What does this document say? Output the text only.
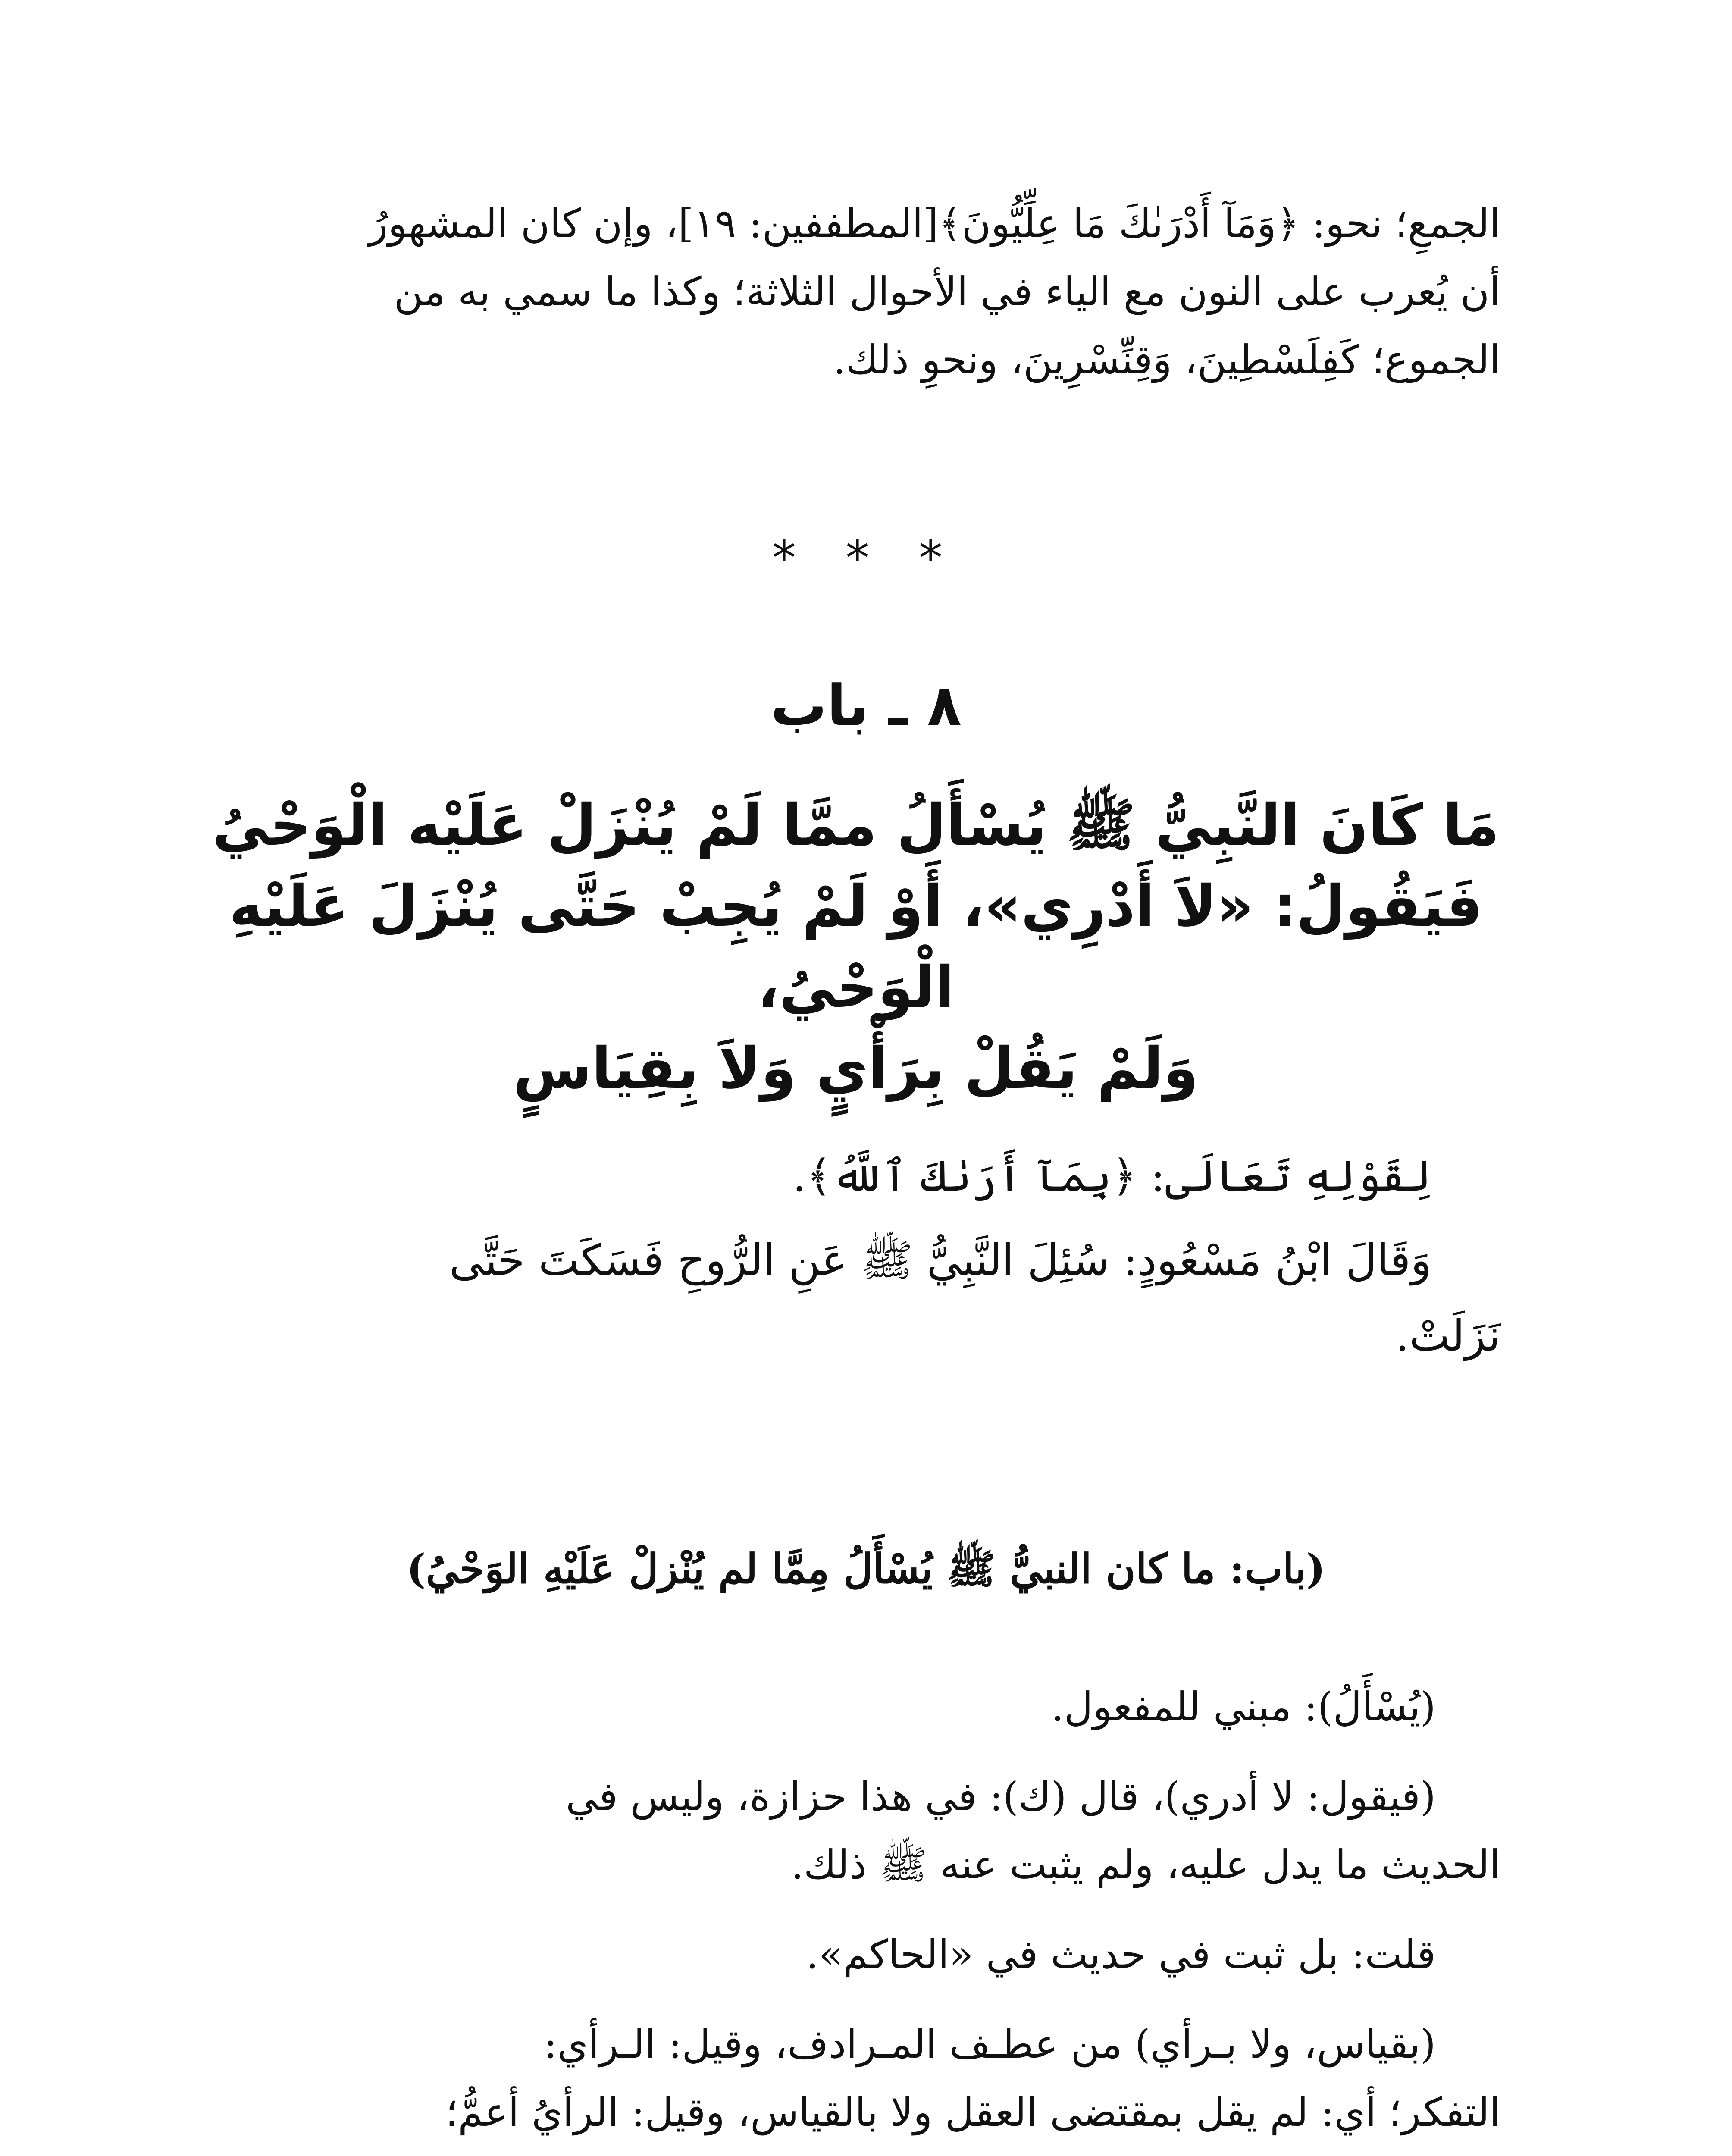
الجمعِ؛ نحو: ﴿وَمَآ أَدْرَىٰكَ مَا عِلِّيُّونَ﴾[المطففين: ١٩]، وإن كان المشهورُ

أن يُعرب على النون مع الياء في الأحوال الثلاثة؛ وكذا ما سمي به من

الجموع؛ كَفِلَسْطِينَ، وَقِنِّسْرِينَ، ونحوِ ذلك.

* * *
٨ ـ باب
مَا كَانَ النَّبِيُّ ﷺ يُسْأَلُ ممَّا لَمْ يُنْزَلْ عَلَيْه الْوَحْيُ
فَيَقُولُ: «لاَ أَدْرِي»، أَوْ لَمْ يُجِبْ حَتَّى يُنْزَلَ عَلَيْهِ الْوَحْيُ،
وَلَمْ يَقُلْ بِرَأْيٍ وَلاَ بِقِيَاسٍ

لِقَوْلِهِ تَعَالَى: ﴿بِمَآ أَرَىٰكَ ٱللَّهُ﴾.

وَقَالَ ابْنُ مَسْعُودٍ: سُئِلَ النَّبِيُّ ﷺ عَنِ الرُّوحِ فَسَكَتَ حَتَّى

نَزَلَتْ.

(باب: ما كان النبيُّ ﷺ يُسْأَلُ مِمَّا لم يُنْزلْ عَلَيْهِ الوَحْيُ)

(يُسْأَلُ): مبني للمفعول.

(فيقول: لا أدري)، قال (ك): في هذا حزازة، وليس في

الحديث ما يدل عليه، ولم يثبت عنه ﷺ ذلك.

قلت: بل ثبت في حديث في «الحاكم».

(بقياس، ولا بـرأي) من عطـف المـرادف، وقيل: الـرأي:

التفكر؛ أي: لم يقل بمقتضى العقل ولا بالقياس، وقيل: الرأيُ أعمُّ؛
